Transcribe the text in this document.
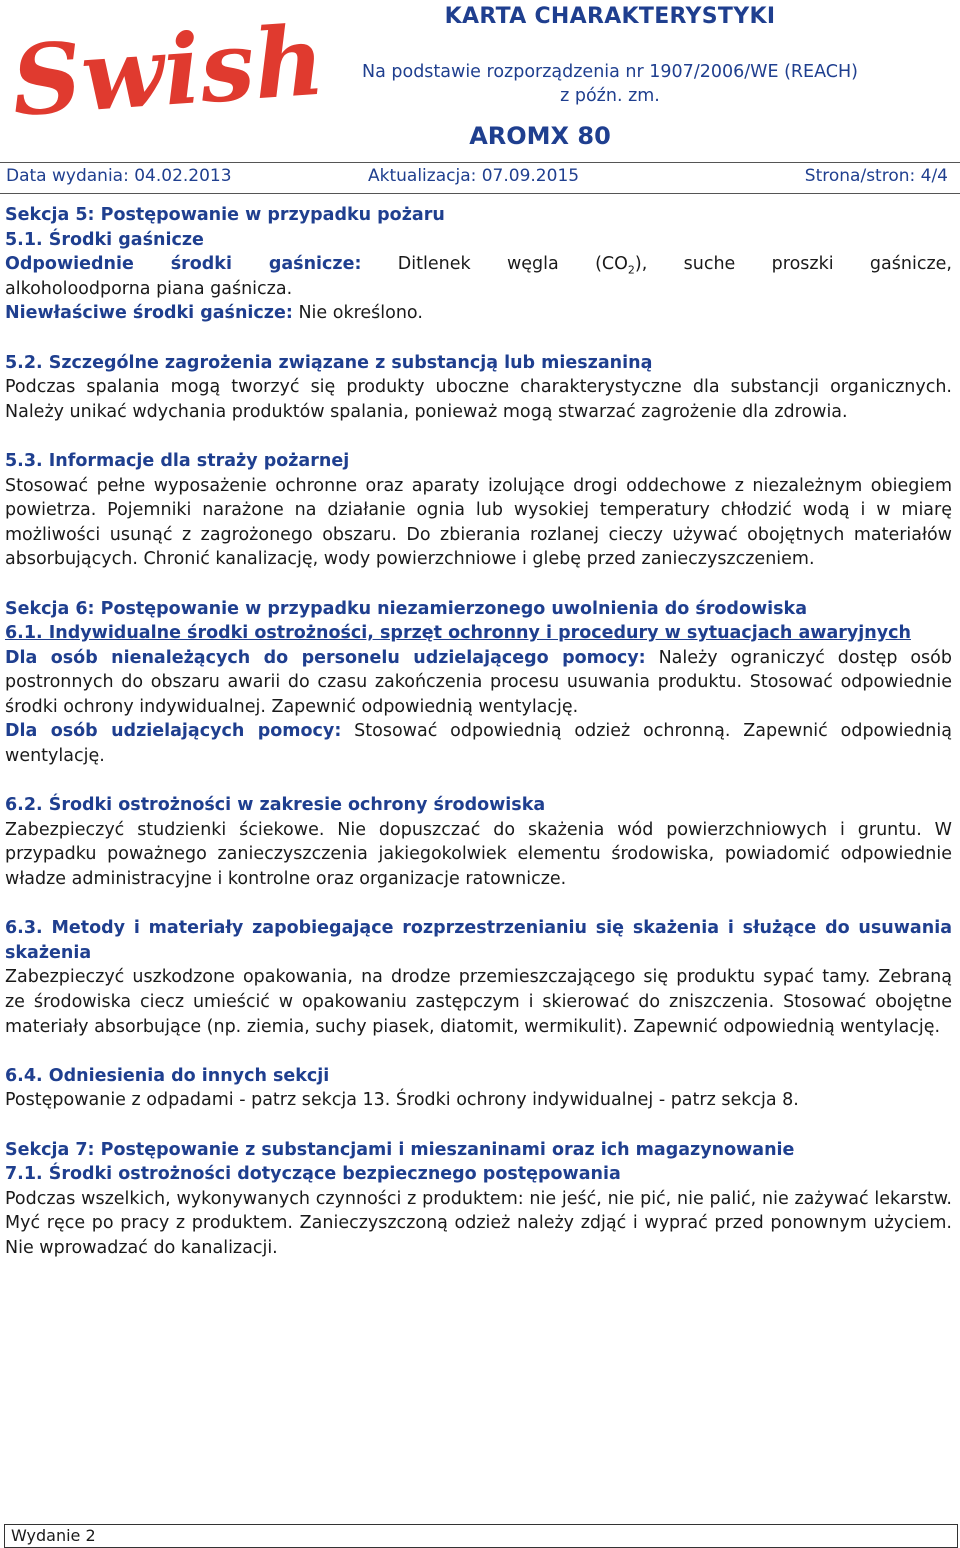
Swish	KARTA CHARAKTERYSTYKI
Na podstawie rozporządzenia nr 1907/2006/WE (REACH)
z późn. zm.
AROMX 80
Data wydania: 04.02.2013	Aktualizacja: 07.09.2015	Strona/stron: 4/4

Sekcja 5: Postępowanie w przypadku pożaru

5.1. Środki gaśnicze

Odpowiednie środki gaśnicze: Ditlenek węgla $(CO_2)$, suche proszki gaśnicze,

alkoholoodporna piana gaśnicza.

Niewłaściwe środki gaśnicze: Nie określono.

5.2. Szczególne zagrożenia związane z substancją lub mieszaniną

Podczas spalania mogą tworzyć się produkty uboczne charakterystyczne dla substancji organicznych. Należy unikać wdychania produktów spalania, ponieważ mogą stwarzać zagrożenie dla zdrowia.

5.3. Informacje dla straży pożarnej

Stosować pełne wyposażenie ochronne oraz aparaty izolujące drogi oddechowe z niezależnym obiegiem powietrza. Pojemniki narażone na działanie ognia lub wysokiej temperatury chłodzić wodą i w miarę możliwości usunąć z zagrożonego obszaru. Do zbierania rozlanej cieczy używać obojętnych materiałów absorbujących. Chronić kanalizację, wody powierzchniowe i glebę przed zanieczyszczeniem.

Sekcja 6: Postępowanie w przypadku niezamierzonego uwolnienia do środowiska

6.1. Indywidualne środki ostrożności, sprzęt ochronny i procedury w sytuacjach awaryjnych

Dla osób nienależących do personelu udzielającego pomocy: Należy ograniczyć dostęp osób postronnych do obszaru awarii do czasu zakończenia procesu usuwania produktu. Stosować odpowiednie środki ochrony indywidualnej. Zapewnić odpowiednią wentylację.

Dla osób udzielających pomocy: Stosować odpowiednią odzież ochronną. Zapewnić odpowiednią wentylację.

6.2. Środki ostrożności w zakresie ochrony środowiska

Zabezpieczyć studzienki ściekowe. Nie dopuszczać do skażenia wód powierzchniowych i gruntu. W przypadku poważnego zanieczyszczenia jakiegokolwiek elementu środowiska, powiadomić odpowiednie władze administracyjne i kontrolne oraz organizacje ratownicze.

6.3. Metody i materiały zapobiegające rozprzestrzenianiu się skażenia i służące do usuwania skażenia

Zabezpieczyć uszkodzone opakowania, na drodze przemieszczającego się produktu sypać tamy. Zebraną ze środowiska ciecz umieścić w opakowaniu zastępczym i skierować do zniszczenia. Stosować obojętne materiały absorbujące (np. ziemia, suchy piasek, diatomit, wermikulit). Zapewnić odpowiednią wentylację.

6.4. Odniesienia do innych sekcji

Postępowanie z odpadami - patrz sekcja 13. Środki ochrony indywidualnej - patrz sekcja 8.

Sekcja 7: Postępowanie z substancjami i mieszaninami oraz ich magazynowanie

7.1. Środki ostrożności dotyczące bezpiecznego postępowania

Podczas wszelkich, wykonywanych czynności z produktem: nie jeść, nie pić, nie palić, nie zażywać lekarstw. Myć ręce po pracy z produktem. Zanieczyszczoną odzież należy zdjąć i wyprać przed ponownym użyciem. Nie wprowadzać do kanalizacji.

Wydanie 2
